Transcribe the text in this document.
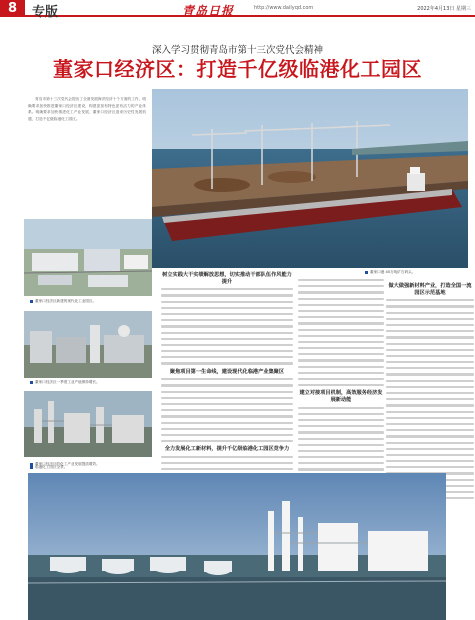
8	专版	青岛日报	http://www.dailyqd.com	2022年4月13日 星期三
深入学习贯彻青岛市第十三次党代会精神
董家口经济区：打造千亿级临港化工园区
青岛市第十三次党代会提出了全面发展海洋经济十个方面的工作，明确要求加快推进董家口经济区建设，构建更加有特色更有活力的产业体系。明确要求加快推进化工产业发展，董家口经济区迎来历史性发展机遇，打造千亿级临港化工园区。
董家口港 40万吨矿石码头。
董家口经济区新建的现代化工业园区。
董家口经济区一季度工业产值保持增长。
董家口经济区的化工产业发展提质增效。
树立实践大干实绩解放思想，切实推动干部队伍作风能力提升
聚焦项目第一生命线，建设现代化临港产业集聚区
全力发展化工新材料，提升千亿级临港化工园区竞争力
建立对接项目机制，高效服务经济发展新动能
做大做强新材料产业，打造全国一流园区示范基地
临港化工园区全景。
